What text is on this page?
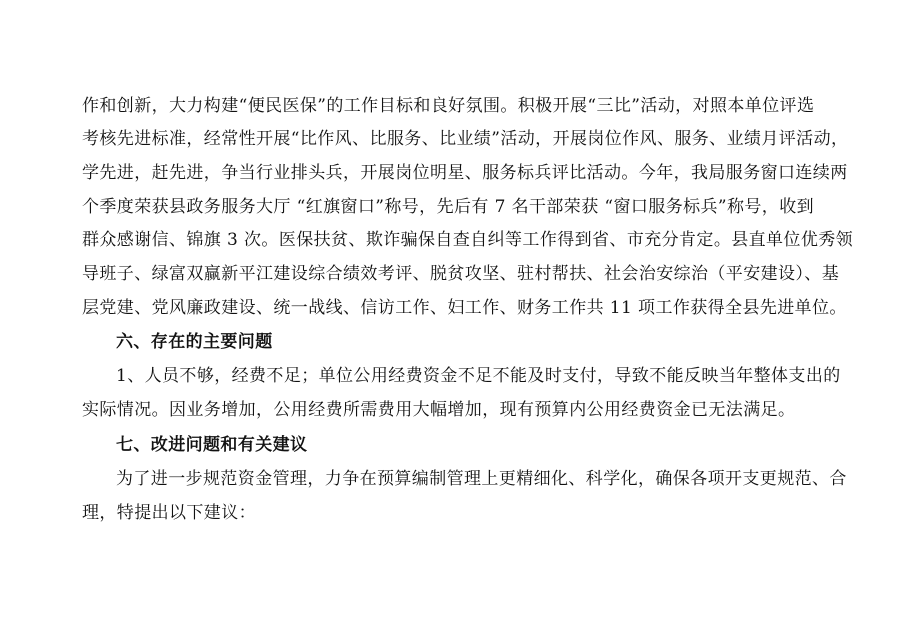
作和创新，大力构建“便民医保”的工作目标和良好氛围。积极开展“三比”活动，对照本单位评选
考核先进标准，经常性开展“比作风、比服务、比业绩”活动，开展岗位作风、服务、业绩月评活动，
学先进，赶先进，争当行业排头兵，开展岗位明星、服务标兵评比活动。今年，我局服务窗口连续两
个季度荣获县政务服务大厅 “红旗窗口”称号，先后有 7 名干部荣获 “窗口服务标兵”称号，收到
群众感谢信、锦旗 3 次。医保扶贫、欺诈骗保自查自纠等工作得到省、市充分肯定。县直单位优秀领
导班子、绿富双赢新平江建设综合绩效考评、脱贫攻坚、驻村帮扶、社会治安综治（平安建设）、基
层党建、党风廉政建设、统一战线、信访工作、妇工作、财务工作共 11 项工作获得全县先进单位。
六、存在的主要问题
1、人员不够，经费不足；单位公用经费资金不足不能及时支付，导致不能反映当年整体支出的
实际情况。因业务增加，公用经费所需费用大幅增加，现有预算内公用经费资金已无法满足。
七、改进问题和有关建议
为了进一步规范资金管理，力争在预算编制管理上更精细化、科学化，确保各项开支更规范、合
理，特提出以下建议：
